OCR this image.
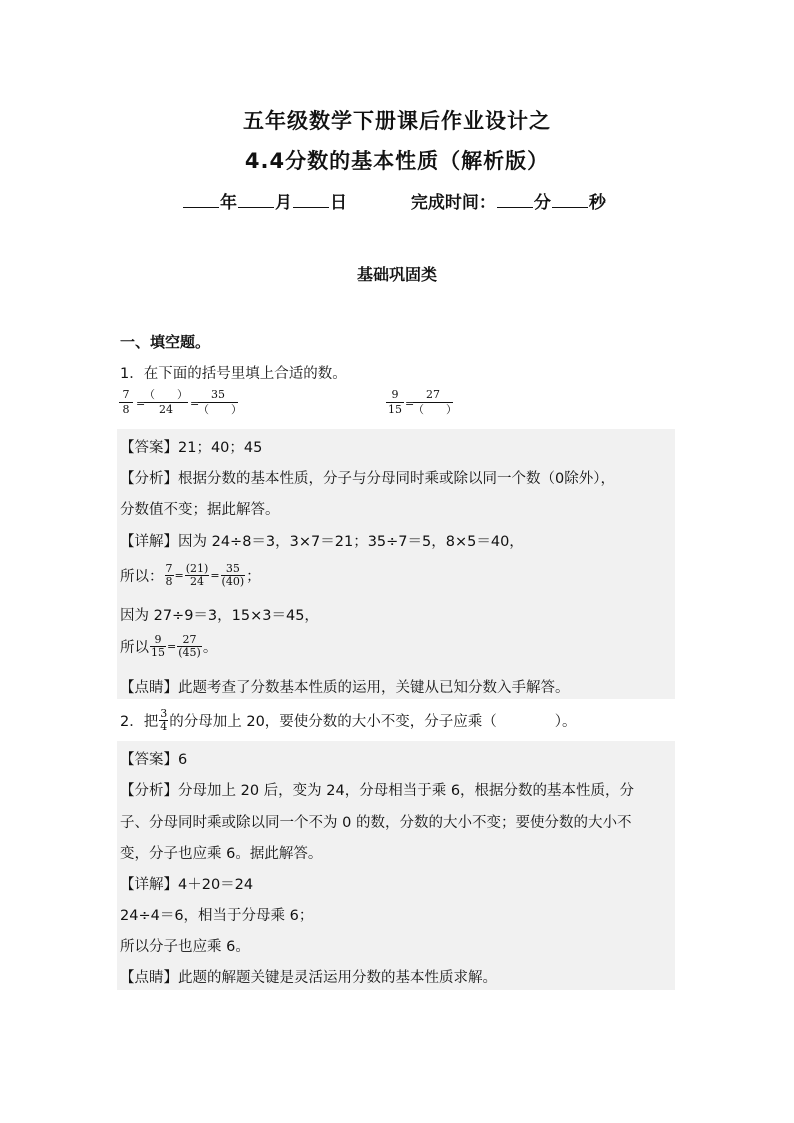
五年级数学下册课后作业设计之
4.4分数的基本性质（解析版）
年 月 日	完成时间： 分 秒
基础巩固类
一、填空题。
1．在下面的括号里填上合适的数。
7
8 =
（　　）
24	=
35
（　　）
9
15 =
27
（　　）
【答案】21；40；45
【分析】根据分数的基本性质，分子与分母同时乘或除以同一个数（0除外），
分数值不变；据此解答。
【详解】因为 24÷8＝3，3×7＝21；35÷7＝5，8×5＝40，
所以： $\frac{7}{8} = \frac{(21)}{24} = \frac{35}{(40)}$ ；
因为 27÷9＝3，15×3＝45，
所以 $\frac{9}{15} = \frac{27}{(45)}$ 。
【点睛】此题考查了分数基本性质的运用，关键从已知分数入手解答。
2．把
3
4 的分母加上 20，要使分数的大小不变，分子应乘（	）。
【答案】6
【分析】分母加上 20 后，变为 24，分母相当于乘 6，根据分数的基本性质，分
子、分母同时乘或除以同一个不为 0 的数，分数的大小不变；要使分数的大小不
变，分子也应乘 6。据此解答。
【详解】4＋20＝24
24÷4＝6，相当于分母乘 6；
所以分子也应乘 6。
【点睛】此题的解题关键是灵活运用分数的基本性质求解。
